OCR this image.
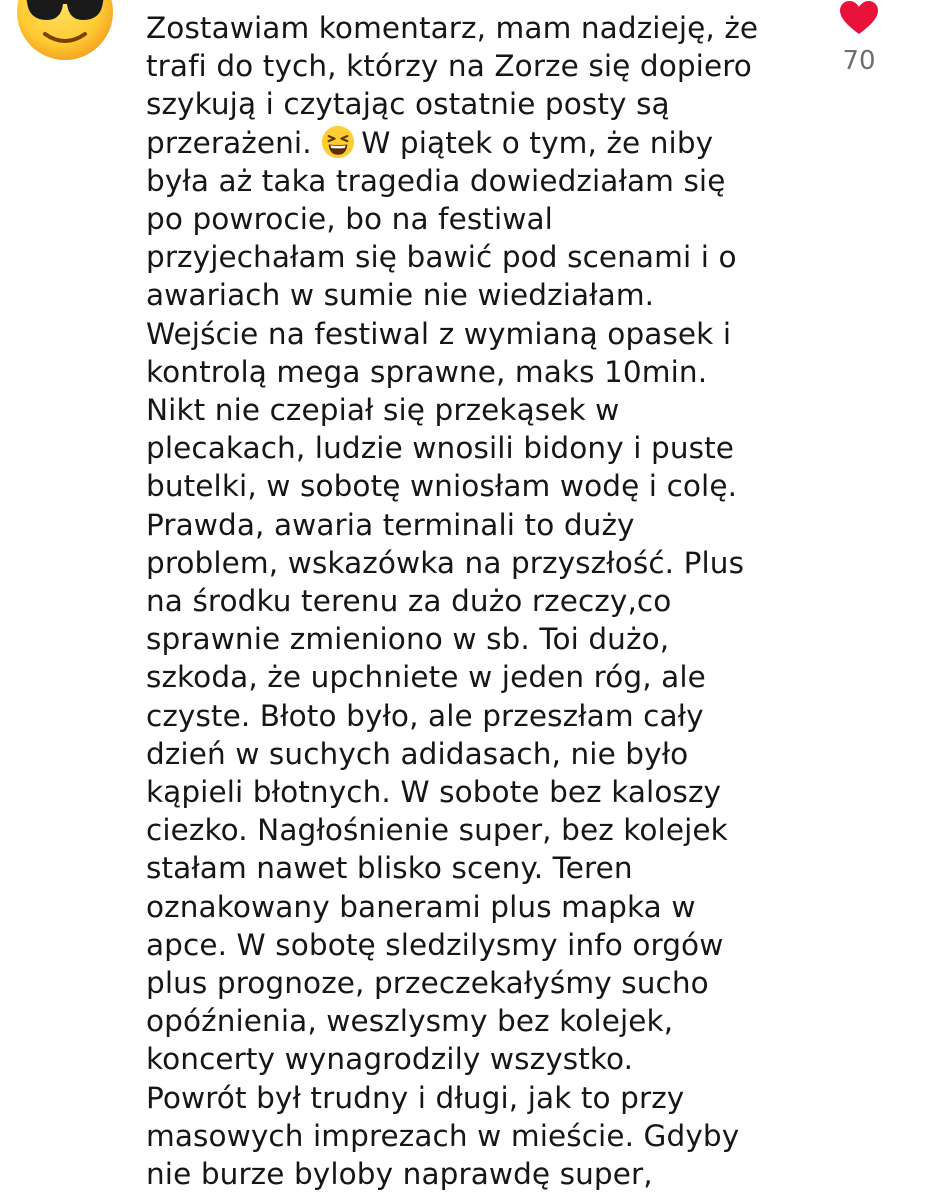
Zostawiam komentarz, mam nadzieję, że
trafi do tych, którzy na Zorze się dopiero
szykują i czytając ostatnie posty są
przerażeni. W piątek o tym, że niby
była aż taka tragedia dowiedziałam się
po powrocie, bo na festiwal
przyjechałam się bawić pod scenami i o
awariach w sumie nie wiedziałam.
Wejście na festiwal z wymianą opasek i
kontrolą mega sprawne, maks 10min.
Nikt nie czepiał się przekąsek w
plecakach, ludzie wnosili bidony i puste
butelki, w sobotę wniosłam wodę i colę.
Prawda, awaria terminali to duży
problem, wskazówka na przyszłość. Plus
na środku terenu za dużo rzeczy,co
sprawnie zmieniono w sb. Toi dużo,
szkoda, że upchniete w jeden róg, ale
czyste. Błoto było, ale przeszłam cały
dzień w suchych adidasach, nie było
kąpieli błotnych. W sobote bez kaloszy
ciezko. Nagłośnienie super, bez kolejek
stałam nawet blisko sceny. Teren
oznakowany banerami plus mapka w
apce. W sobotę sledzilysmy info orgów
plus prognoze, przeczekałyśmy sucho
opóźnienia, weszlysmy bez kolejek,
koncerty wynagrodzily wszystko.
Powrót był trudny i długi, jak to przy
masowych imprezach w mieście. Gdyby
nie burze byloby naprawdę super,
70
